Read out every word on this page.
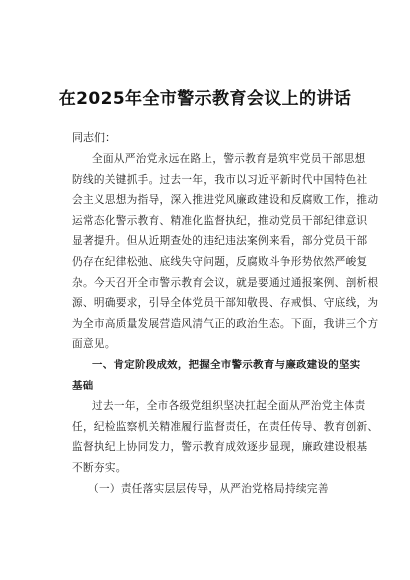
在2025年全市警示教育会议上的讲话
同志们：
全面从严治党永远在路上，警示教育是筑牢党员干部思想
防线的关键抓手。过去一年，我市以习近平新时代中国特色社
会主义思想为指导，深入推进党风廉政建设和反腐败工作，推动
运常态化警示教育、精准化监督执纪，推动党员干部纪律意识
显著提升。但从近期查处的违纪违法案例来看，部分党员干部
仍存在纪律松弛、底线失守问题，反腐败斗争形势依然严峻复
杂。今天召开全市警示教育会议，就是要通过通报案例、剖析根
源、明确要求，引导全体党员干部知敬畏、存戒惧、守底线，为
为全市高质量发展营造风清气正的政治生态。下面，我讲三个方
面意见。
一、肯定阶段成效，把握全市警示教育与廉政建设的坚实
基础
过去一年，全市各级党组织坚决扛起全面从严治党主体责
任，纪检监察机关精准履行监督责任，在责任传导、教育创新、
监督执纪上协同发力，警示教育成效逐步显现，廉政建设根基
不断夯实。
（一）责任落实层层传导，从严治党格局持续完善
